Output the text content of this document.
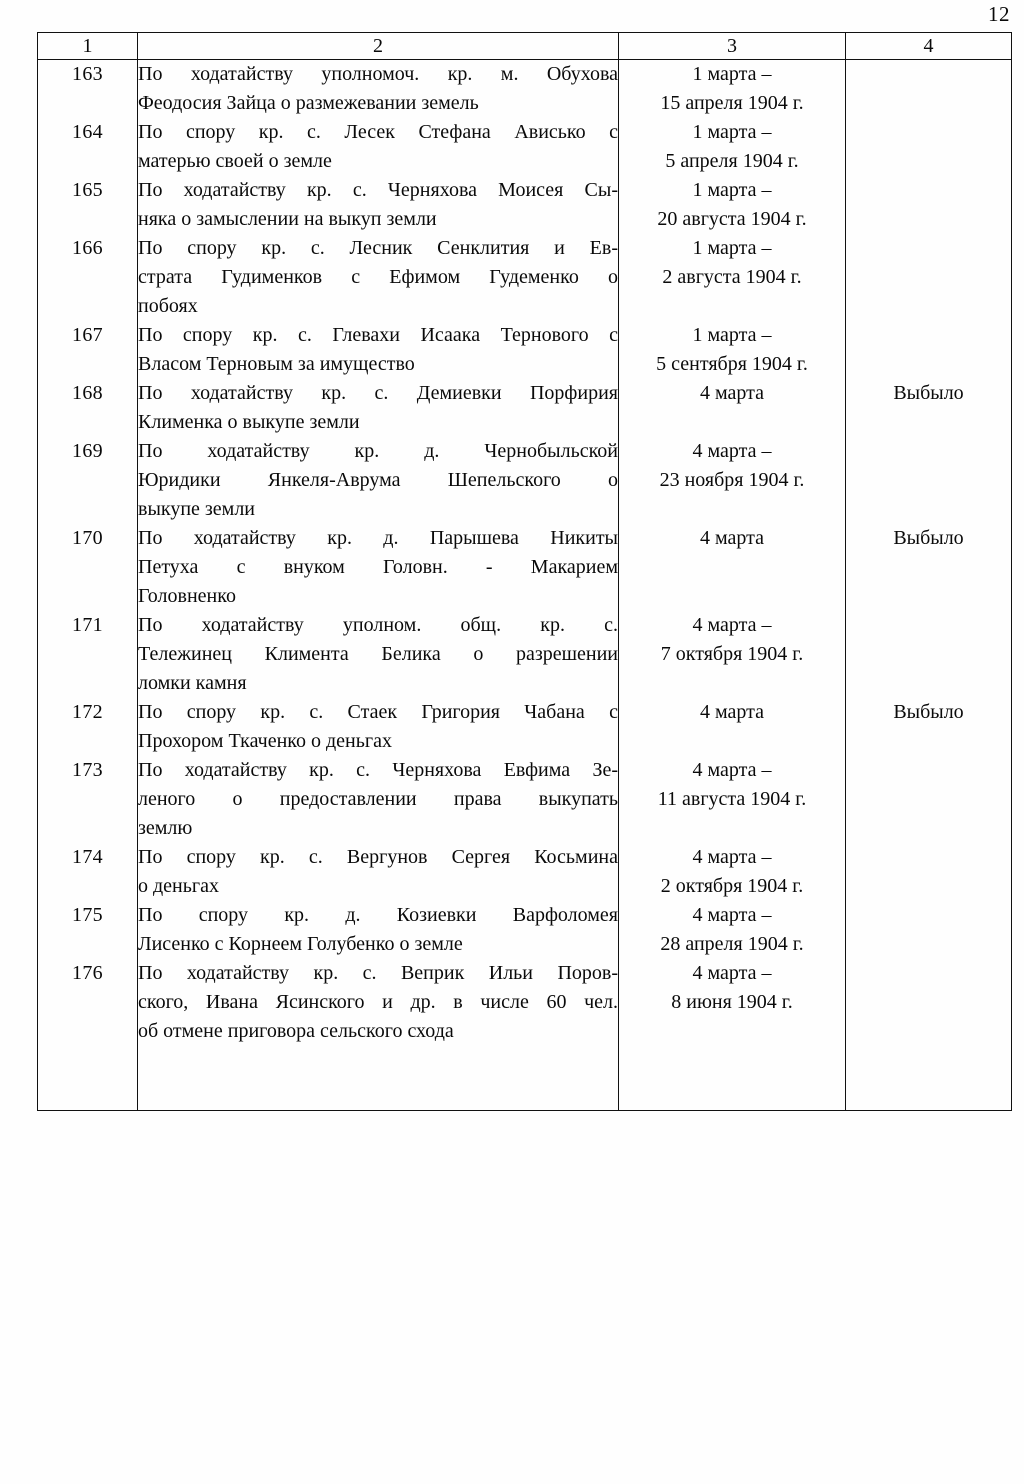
12
1	2	3	4
163	По ходатайству уполномоч. кр. м. Обухова
Феодосия Зайца о размежевании земель	1 марта –
15 апреля 1904 г.	

164	По спору кр. с. Лесек Стефана Ависько с
матерью своей о земле	1 марта –
5 апреля 1904 г.	

165	По ходатайству кр. с. Черняхова Моисея Сы-
няка о замыслении на выкуп земли	1 марта –
20 августа 1904 г.	

166	По спору кр. с. Лесник Сенклития и Ев-
страта Гудименков с Ефимом Гудеменко о
побоях	1 марта –
2 августа 1904 г.	

167	По спору кр. с. Глевахи Исаака Тернового с
Власом Терновым за имущество	1 марта –
5 сентября 1904 г.	

168	По ходатайству кр. с. Демиевки Порфирия
Клименка о выкупе земли	4 марта	Выбыло
169	По ходатайству кр. д. Чернобыльской
Юридики Янкеля-Аврума Шепельского о
выкупе земли	4 марта –
23 ноября 1904 г.	

170	По ходатайству кр. д. Парышева Никиты
Петуха с внуком Головн. - Макарием
Головненко	4 марта	Выбыло
171	По ходатайству уполном. общ. кр. с.
Тележинец Климента Белика о разрешении
ломки камня	4 марта –
7 октября 1904 г.	

172	По спору кр. с. Стаек Григория Чабана с
Прохором Ткаченко о деньгах	4 марта	Выбыло
173	По ходатайству кр. с. Черняхова Евфима Зе-
леного о предоставлении права выкупать
землю	4 марта –
11 августа 1904 г.	

174	По спору кр. с. Вергунов Сергея Косьмина
о деньгах	4 марта –
2 октября 1904 г.	

175	По спору кр. д. Козиевки Варфоломея
Лисенко с Корнеем Голубенко о земле	4 марта –
28 апреля 1904 г.	

176	По ходатайству кр. с. Веприк Ильи Поров-
ского, Ивана Ясинского и др. в числе 60 чел.
об отмене приговора сельского схода	4 марта –
8 июня 1904 г.	
